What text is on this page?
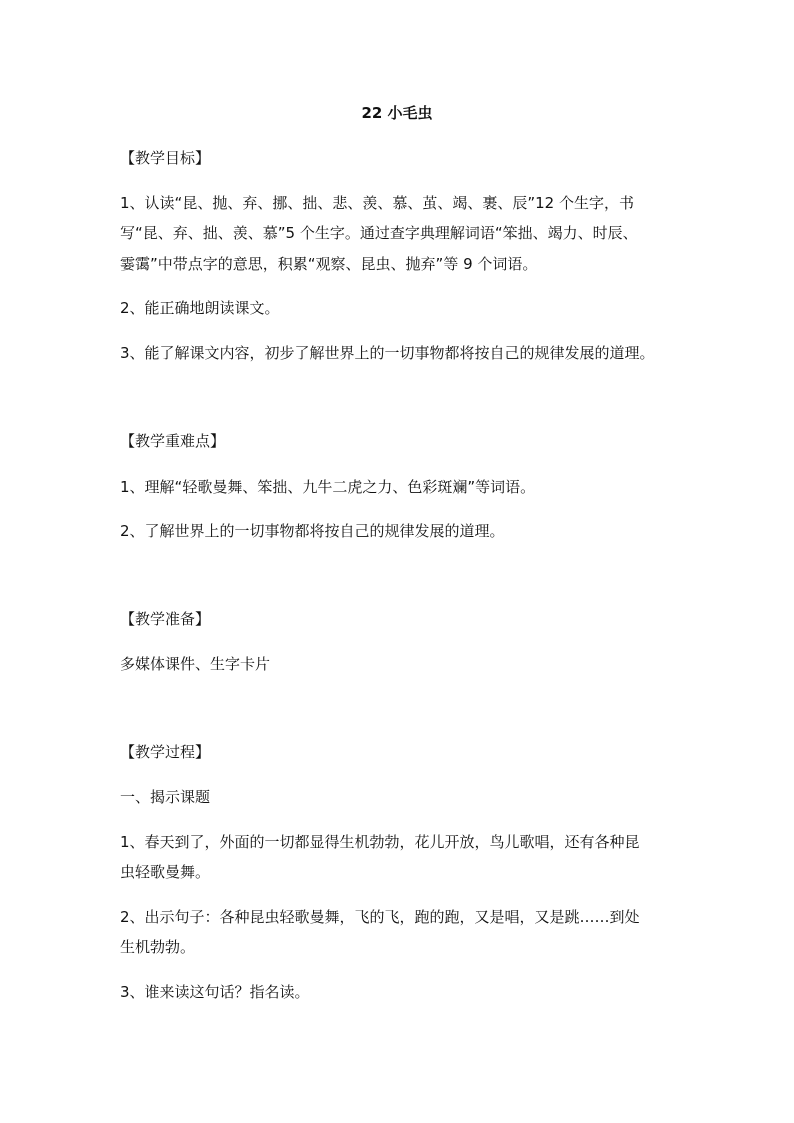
22 小毛虫
【教学目标】
1、认读“昆、抛、弃、挪、拙、悲、羡、慕、茧、竭、裹、辰”12 个生字，书
写“昆、弃、拙、羡、慕”5 个生字。通过查字典理解词语“笨拙、竭力、时辰、
霎霭”中带点字的意思，积累“观察、昆虫、抛弃”等 9 个词语。
2、能正确地朗读课文。
3、能了解课文内容，初步了解世界上的一切事物都将按自己的规律发展的道理。
【教学重难点】
1、理解“轻歌曼舞、笨拙、九牛二虎之力、色彩斑斓”等词语。
2、了解世界上的一切事物都将按自己的规律发展的道理。
【教学准备】
多媒体课件、生字卡片
【教学过程】
一、揭示课题
1、春天到了，外面的一切都显得生机勃勃，花儿开放，鸟儿歌唱，还有各种昆
虫轻歌曼舞。
2、出示句子：各种昆虫轻歌曼舞，飞的飞，跑的跑，又是唱，又是跳……到处
生机勃勃。
3、谁来读这句话？指名读。
